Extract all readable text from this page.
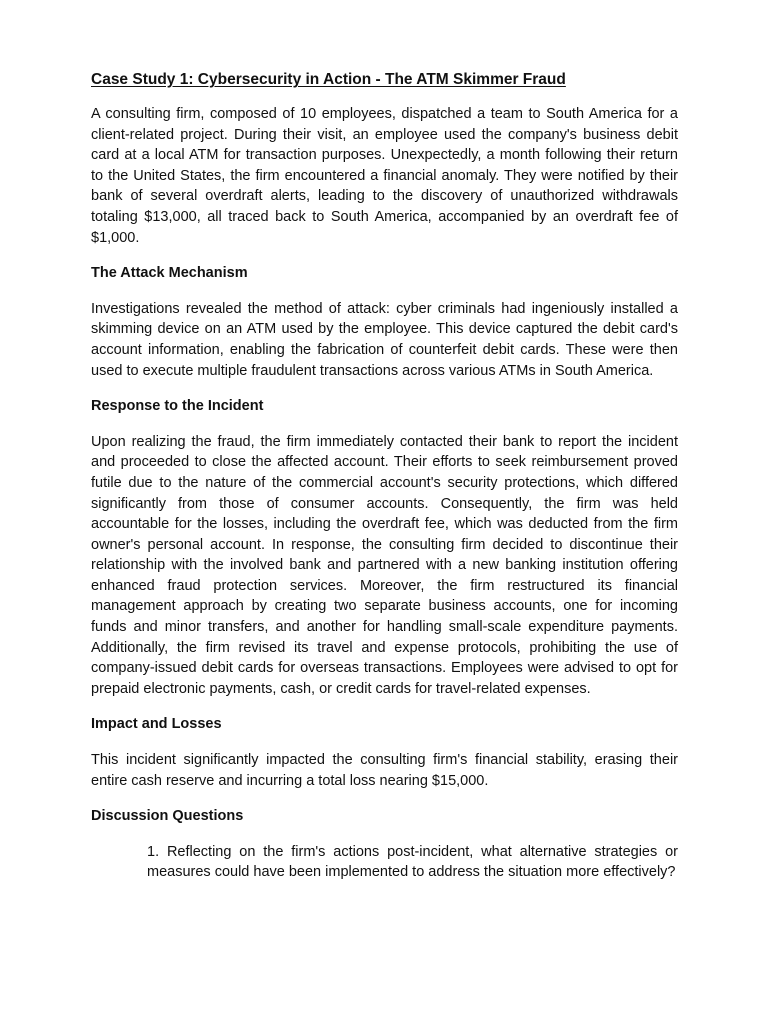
Case Study 1: Cybersecurity in Action - The ATM Skimmer Fraud

A consulting firm, composed of 10 employees, dispatched a team to South America for a client-related project. During their visit, an employee used the company's business debit card at a local ATM for transaction purposes. Unexpectedly, a month following their return to the United States, the firm encountered a financial anomaly. They were notified by their bank of several overdraft alerts, leading to the discovery of unauthorized withdrawals totaling $13,000, all traced back to South America, accompanied by an overdraft fee of $1,000.

The Attack Mechanism

Investigations revealed the method of attack: cyber criminals had ingeniously installed a skimming device on an ATM used by the employee. This device captured the debit card's account information, enabling the fabrication of counterfeit debit cards. These were then used to execute multiple fraudulent transactions across various ATMs in South America.

Response to the Incident

Upon realizing the fraud, the firm immediately contacted their bank to report the incident and proceeded to close the affected account. Their efforts to seek reimbursement proved futile due to the nature of the commercial account's security protections, which differed significantly from those of consumer accounts. Consequently, the firm was held accountable for the losses, including the overdraft fee, which was deducted from the firm owner's personal account. In response, the consulting firm decided to discontinue their relationship with the involved bank and partnered with a new banking institution offering enhanced fraud protection services. Moreover, the firm restructured its financial management approach by creating two separate business accounts, one for incoming funds and minor transfers, and another for handling small-scale expenditure payments. Additionally, the firm revised its travel and expense protocols, prohibiting the use of company-issued debit cards for overseas transactions. Employees were advised to opt for prepaid electronic payments, cash, or credit cards for travel-related expenses.

Impact and Losses

This incident significantly impacted the consulting firm's financial stability, erasing their entire cash reserve and incurring a total loss nearing $15,000.

Discussion Questions
1. Reflecting on the firm's actions post-incident, what alternative strategies or measures could have been implemented to address the situation more effectively?
